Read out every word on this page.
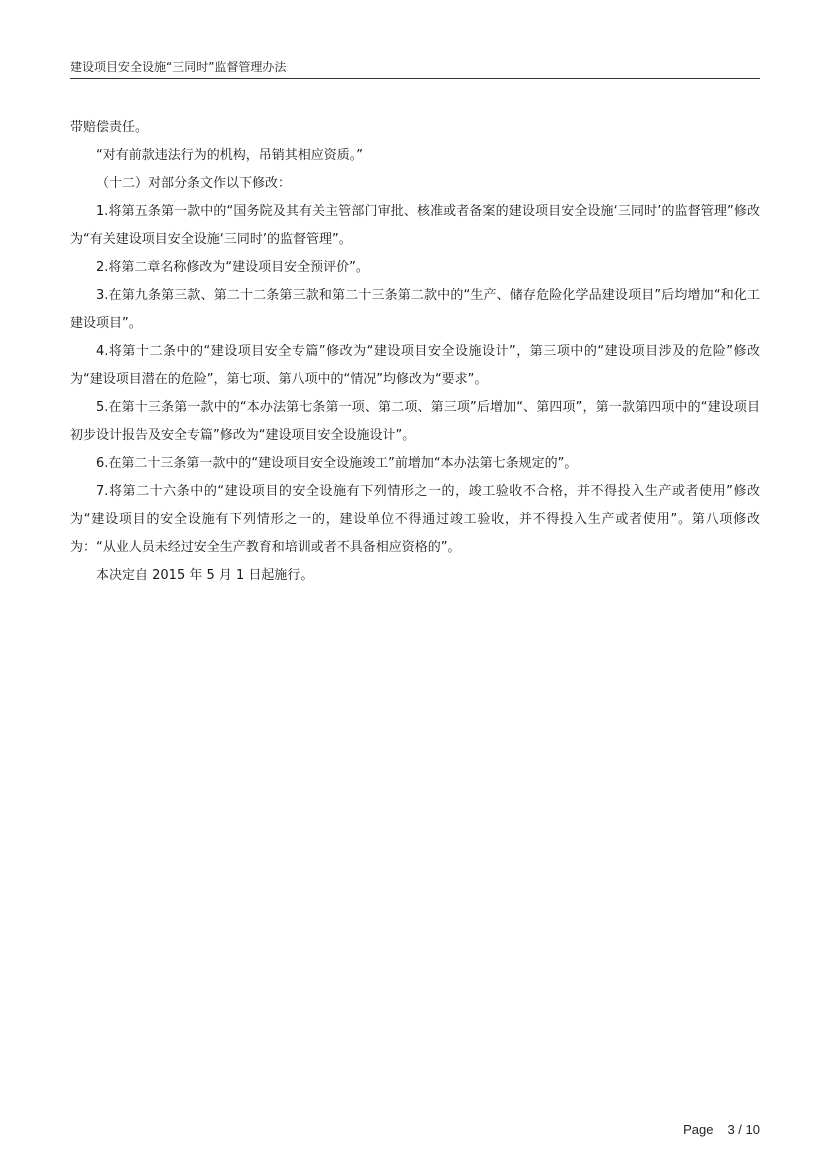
建设项目安全设施“三同时”监督管理办法

带赔偿责任。

“对有前款违法行为的机构，吊销其相应资质。”

（十二）对部分条文作以下修改：

1.将第五条第一款中的“国务院及其有关主管部门审批、核准或者备案的建设项目安全设施‘三同时’的监督管理”修改为“有关建设项目安全设施‘三同时’的监督管理”。

2.将第二章名称修改为“建设项目安全预评价”。

3.在第九条第三款、第二十二条第三款和第二十三条第二款中的“生产、储存危险化学品建设项目”后均增加“和化工建设项目”。

4.将第十二条中的“建设项目安全专篇”修改为“建设项目安全设施设计”，第三项中的“建设项目涉及的危险”修改为“建设项目潜在的危险”，第七项、第八项中的“情况”均修改为“要求”。

5.在第十三条第一款中的“本办法第七条第一项、第二项、第三项”后增加“、第四项”，第一款第四项中的“建设项目初步设计报告及安全专篇”修改为“建设项目安全设施设计”。

6.在第二十三条第一款中的“建设项目安全设施竣工”前增加“本办法第七条规定的”。

7.将第二十六条中的“建设项目的安全设施有下列情形之一的，竣工验收不合格，并不得投入生产或者使用”修改为“建设项目的安全设施有下列情形之一的，建设单位不得通过竣工验收，并不得投入生产或者使用”。第八项修改为：“从业人员未经过安全生产教育和培训或者不具备相应资格的”。

本决定自 2015 年 5 月 1 日起施行。

Page 3 / 10
